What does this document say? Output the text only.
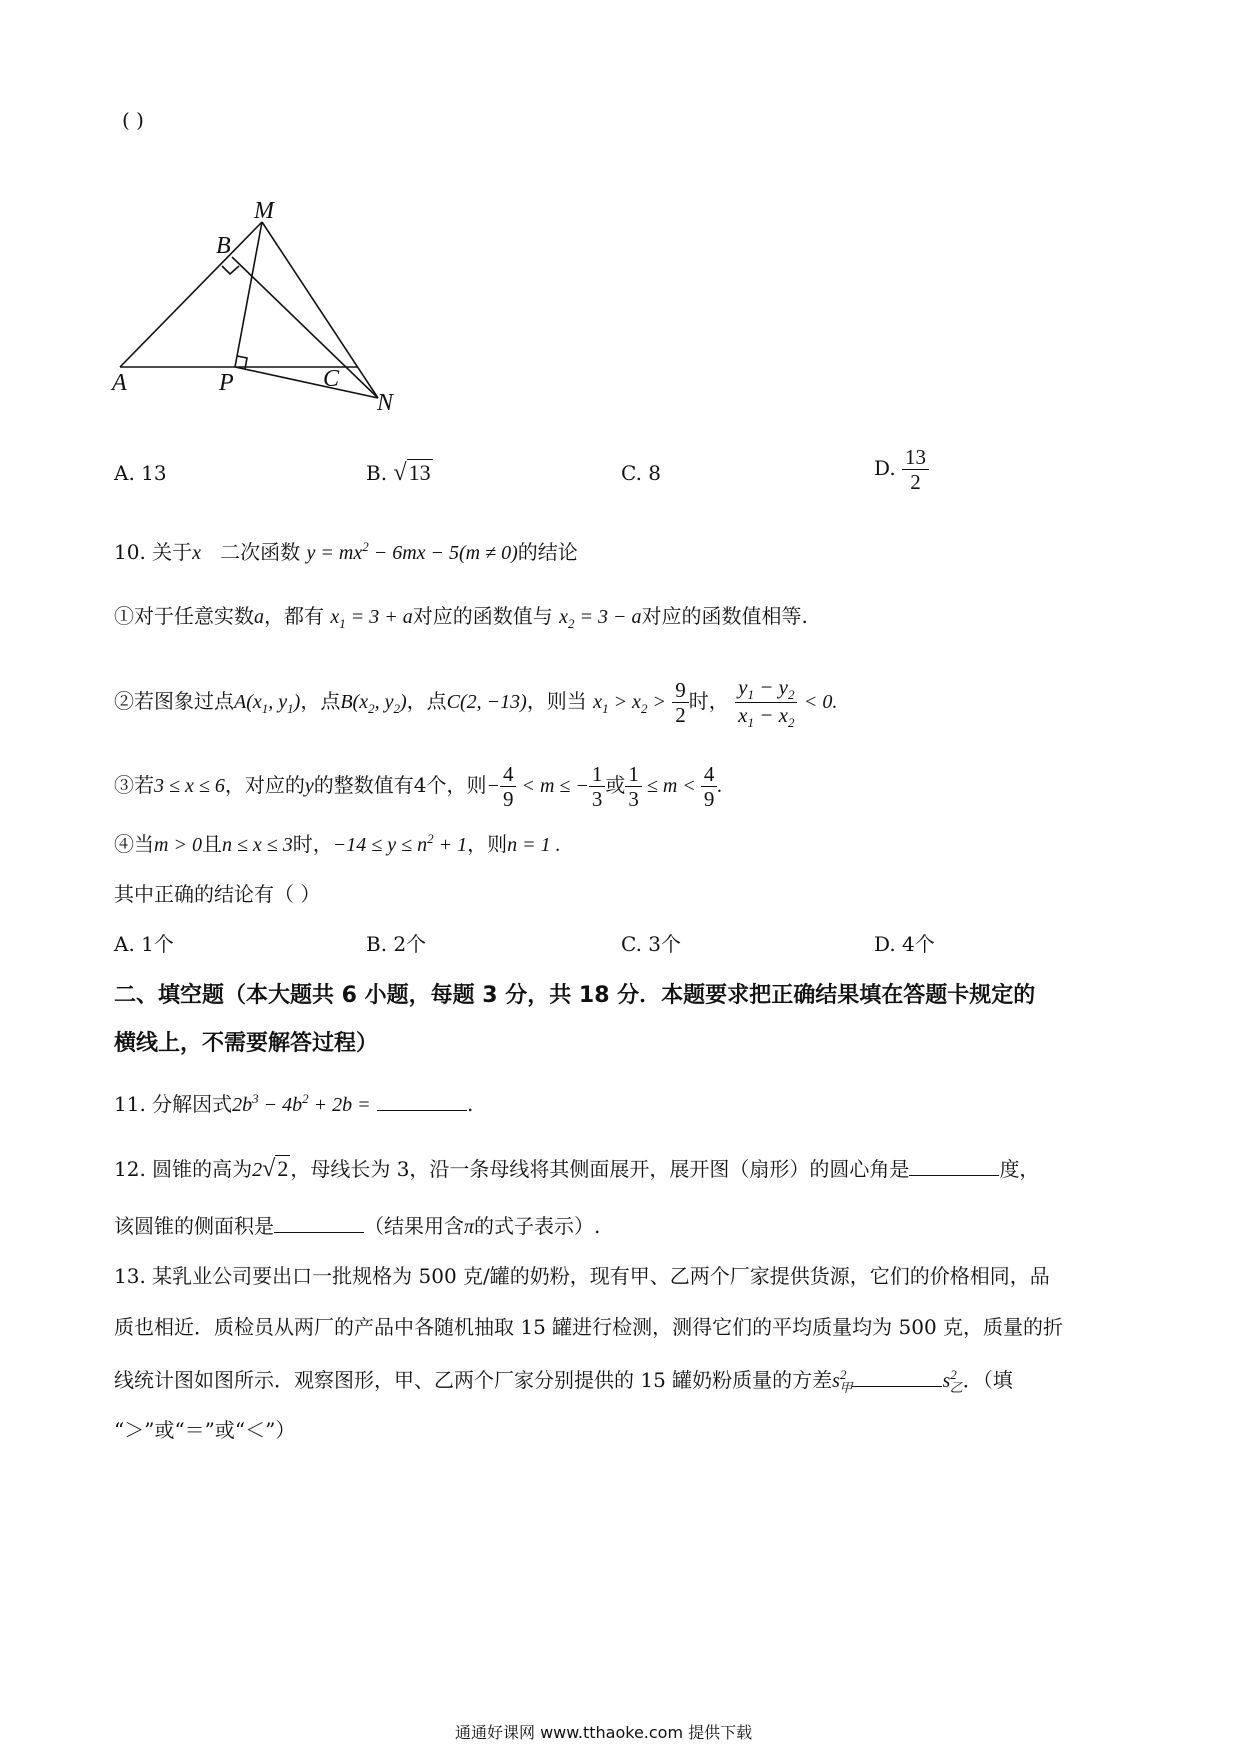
( )
M
B
A	P	C
N
A. 13	B. √13	C. 8	D. $\frac{13}{2}$
10. 关于x 二次函数 $y = mx^2 - 6mx - 5(m \ne 0)$的结论
①对于任意实数a，都有 $x_1 = 3 + a$对应的函数值与 $x_2 = 3 - a$对应的函数值相等.
②若图象过点$A(x_1$, $y_1$)，点$B(x_2$, $y_2$)，点C(2, −13)，则当 $x_1 > x_2 > \frac{9}{2}$ 时， $\frac{y_1 - y_2}{x_1 - x_2} < 0$.
③若3 ≤ x ≤ 6，对应的y的整数值有4个，则− $\frac{4}{9} < m$ ≤ − $\frac{1}{3}$ 或 $\frac{1}{3} \le m < \frac{4}{9}$ .
④当m > 0且n ≤ x ≤ 3时，$-14 \le y \le n^2 + 1$，则n = 1 .
其中正确的结论有（ ）
A. 1个	B. 2个	C. 3个	D. 4个
二、填空题（本大题共 6 小题，每题 3 分，共 18 分．本题要求把正确结果填在答题卡规定的
横线上，不需要解答过程）
11. 分解因式$2b^3 - 4b^2 + 2b$ =	.
12. 圆锥的高为2√2 ，母线长为 3，沿一条母线将其侧面展开，展开图（扇形）的圆心角是	度，
该圆锥的侧面积是	（结果用含π的式子表示）.
13. 某乳业公司要出口一批规格为 500 克/罐的奶粉，现有甲、乙两个厂家提供货源，它们的价格相同，品
质也相近．质检员从两厂的产品中各随机抽取 15 罐进行检测，测得它们的平均质量均为 500 克，质量的折
线统计图如图所示．观察图形，甲、乙两个厂家分别提供的 15 罐奶粉质量的方差$s^2_甲$	$s^2_乙$．（填
“＞”或“＝”或“＜”）
通通好课网 www.tthaoke.com 提供下载
